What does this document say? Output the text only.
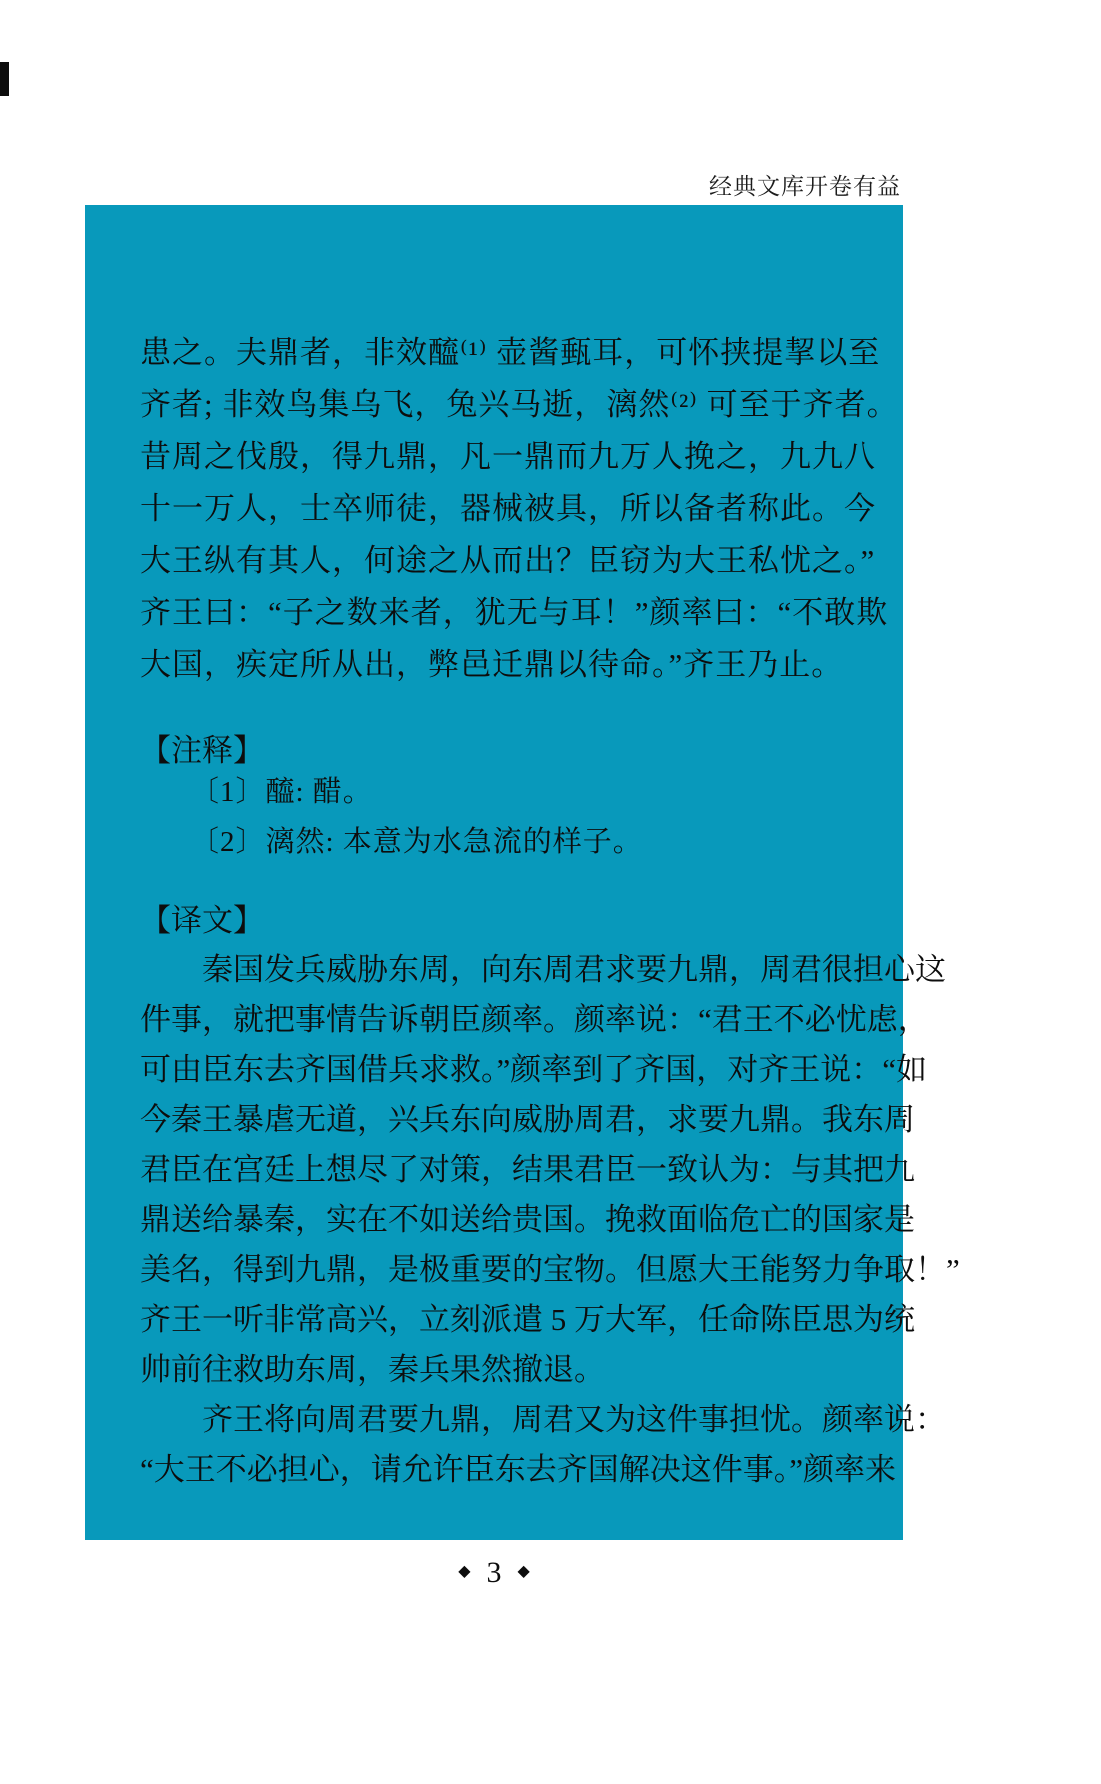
经典文库开卷有益
患之。夫鼎者，非效醯⁽¹⁾ 壶酱甀耳，可怀挟提挈以至
齐者; 非效鸟集乌飞，兔兴马逝，漓然⁽²⁾ 可至于齐者。
昔周之伐殷，得九鼎，凡一鼎而九万人挽之，九九八
十一万人，士卒师徒，器械被具，所以备者称此。今
大王纵有其人，何途之从而出？臣窃为大王私忧之。”
齐王曰：“子之数来者，犹无与耳！”颜率曰：“不敢欺
大国，疾定所从出，弊邑迁鼎以待命。”齐王乃止。
【注释】
〔1〕醯: 醋。
〔2〕漓然: 本意为水急流的样子。
【译文】
秦国发兵威胁东周，向东周君求要九鼎，周君很担心这
件事，就把事情告诉朝臣颜率。颜率说：“君王不必忧虑，
可由臣东去齐国借兵求救。”颜率到了齐国，对齐王说：“如
今秦王暴虐无道，兴兵东向威胁周君，求要九鼎。我东周
君臣在宫廷上想尽了对策，结果君臣一致认为：与其把九
鼎送给暴秦，实在不如送给贵国。挽救面临危亡的国家是
美名，得到九鼎，是极重要的宝物。但愿大王能努力争取！”
齐王一听非常高兴，立刻派遣 5 万大军，任命陈臣思为统
帅前往救助东周，秦兵果然撤退。
齐王将向周君要九鼎，周君又为这件事担忧。颜率说：
“大王不必担心，请允许臣东去齐国解决这件事。”颜率来
◆ 3 ◆
